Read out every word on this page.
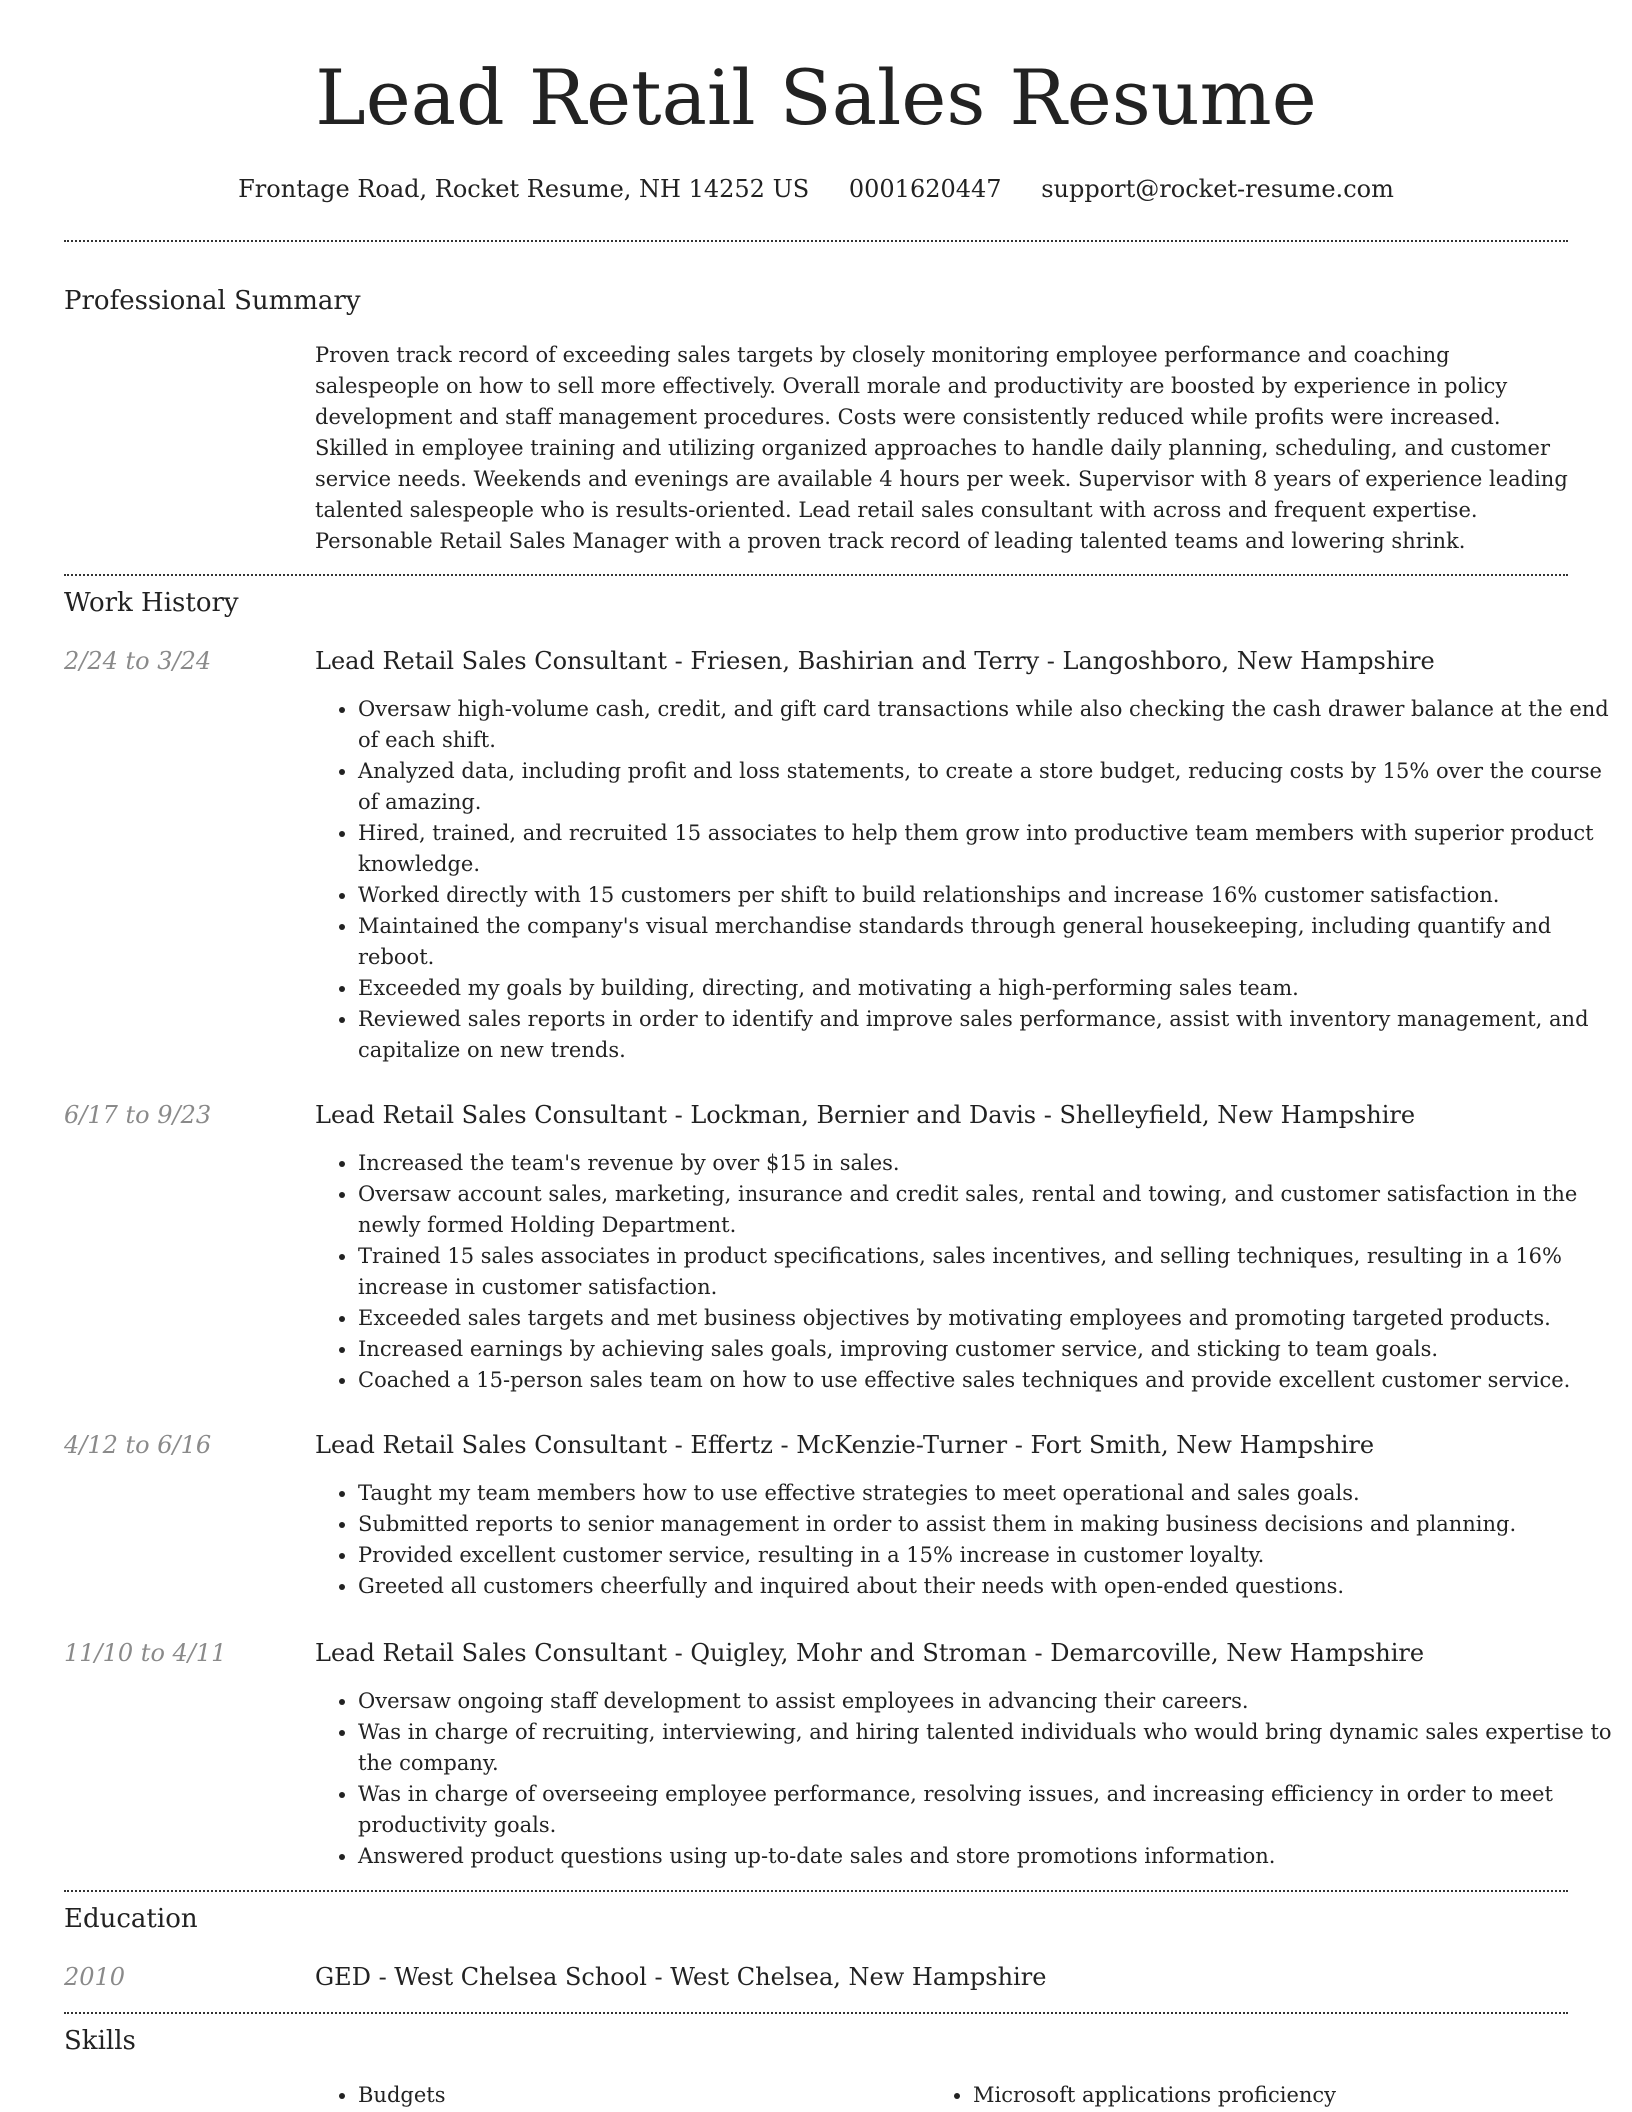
Lead Retail Sales Resume
Frontage Road, Rocket Resume, NH 14252 US 0001620447 support@rocket-resume.com
Professional Summary
Proven track record of exceeding sales targets by closely monitoring employee performance and coaching salespeople on how to sell more effectively. Overall morale and productivity are boosted by experience in policy development and staff management procedures. Costs were consistently reduced while profits were increased. Skilled in employee training and utilizing organized approaches to handle daily planning, scheduling, and customer service needs. Weekends and evenings are available 4 hours per week. Supervisor with 8 years of experience leading talented salespeople who is results-oriented. Lead retail sales consultant with across and frequent expertise. Personable Retail Sales Manager with a proven track record of leading talented teams and lowering shrink.
Work History
2/24 to 3/24	Lead Retail Sales Consultant - Friesen, Bashirian and Terry - Langoshboro, New Hampshire
• Oversaw high-volume cash, credit, and gift card transactions while also checking the cash drawer balance at the end of each shift.
• Analyzed data, including profit and loss statements, to create a store budget, reducing costs by 15% over the course of amazing.
• Hired, trained, and recruited 15 associates to help them grow into productive team members with superior product knowledge.
• Worked directly with 15 customers per shift to build relationships and increase 16% customer satisfaction.
• Maintained the company's visual merchandise standards through general housekeeping, including quantify and reboot.
• Exceeded my goals by building, directing, and motivating a high-performing sales team.
• Reviewed sales reports in order to identify and improve sales performance, assist with inventory management, and capitalize on new trends.
6/17 to 9/23	Lead Retail Sales Consultant - Lockman, Bernier and Davis - Shelleyfield, New Hampshire
• Increased the team's revenue by over $15 in sales.
• Oversaw account sales, marketing, insurance and credit sales, rental and towing, and customer satisfaction in the newly formed Holding Department.
• Trained 15 sales associates in product specifications, sales incentives, and selling techniques, resulting in a 16% increase in customer satisfaction.
• Exceeded sales targets and met business objectives by motivating employees and promoting targeted products.
• Increased earnings by achieving sales goals, improving customer service, and sticking to team goals.
• Coached a 15-person sales team on how to use effective sales techniques and provide excellent customer service.
4/12 to 6/16	Lead Retail Sales Consultant - Effertz - McKenzie-Turner - Fort Smith, New Hampshire
• Taught my team members how to use effective strategies to meet operational and sales goals.
• Submitted reports to senior management in order to assist them in making business decisions and planning.
• Provided excellent customer service, resulting in a 15% increase in customer loyalty.
• Greeted all customers cheerfully and inquired about their needs with open-ended questions.
11/10 to 4/11	Lead Retail Sales Consultant - Quigley, Mohr and Stroman - Demarcoville, New Hampshire
• Oversaw ongoing staff development to assist employees in advancing their careers.
• Was in charge of recruiting, interviewing, and hiring talented individuals who would bring dynamic sales expertise to the company.
• Was in charge of overseeing employee performance, resolving issues, and increasing efficiency in order to meet productivity goals.
• Answered product questions using up-to-date sales and store promotions information.
Education
2010	GED - West Chelsea School - West Chelsea, New Hampshire
Skills
• Budgets
•	Microsoft applications proficiency
